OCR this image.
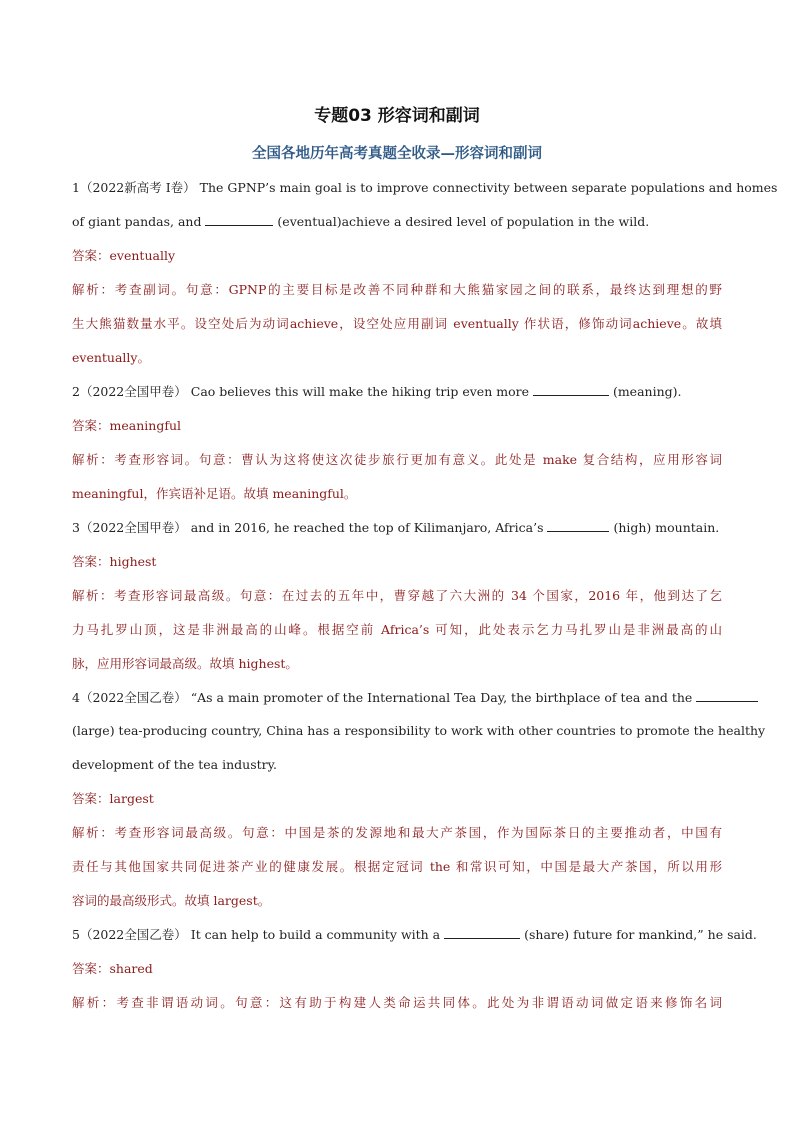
专题03 形容词和副词
全国各地历年高考真题全收录—形容词和副词
1（2022新高考 I卷） The GPNP’s main goal is to improve connectivity between separate populations and homes
of giant pandas, and	(eventual)achieve a desired level of population in the wild.
答案：eventually
解析：考查副词。句意：GPNP的主要目标是改善不同种群和大熊猫家园之间的联系，最终达到理想的野
生大熊猫数量水平。设空处后为动词achieve，设空处应用副词 eventually 作状语，修饰动词achieve。故填
eventually。
2（2022全国甲卷） Cao believes this will make the hiking trip even more	(meaning).
答案：meaningful
解析：考查形容词。句意：曹认为这将使这次徒步旅行更加有意义。此处是 make 复合结构，应用形容词
meaningful，作宾语补足语。故填 meaningful。
3（2022全国甲卷） and in 2016, he reached the top of Kilimanjaro, Africa’s	(high) mountain.
答案：highest
解析：考查形容词最高级。句意：在过去的五年中，曹穿越了六大洲的 34 个国家，2016 年，他到达了乞
力马扎罗山顶，这是非洲最高的山峰。根据空前 Africa’s 可知，此处表示乞力马扎罗山是非洲最高的山
脉，应用形容词最高级。故填 highest。
4（2022全国乙卷） “As a main promoter of the International Tea Day, the birthplace of tea and the
(large) tea-producing country, China has a responsibility to work with other countries to promote the healthy
development of the tea industry.
答案：largest
解析：考查形容词最高级。句意：中国是茶的发源地和最大产茶国，作为国际茶日的主要推动者，中国有
责任与其他国家共同促进茶产业的健康发展。根据定冠词 the 和常识可知，中国是最大产茶国，所以用形
容词的最高级形式。故填 largest。
5（2022全国乙卷） It can help to build a community with a	(share) future for mankind,” he said.
答案：shared
解析：考查非谓语动词。句意：这有助于构建人类命运共同体。此处为非谓语动词做定语来修饰名词
